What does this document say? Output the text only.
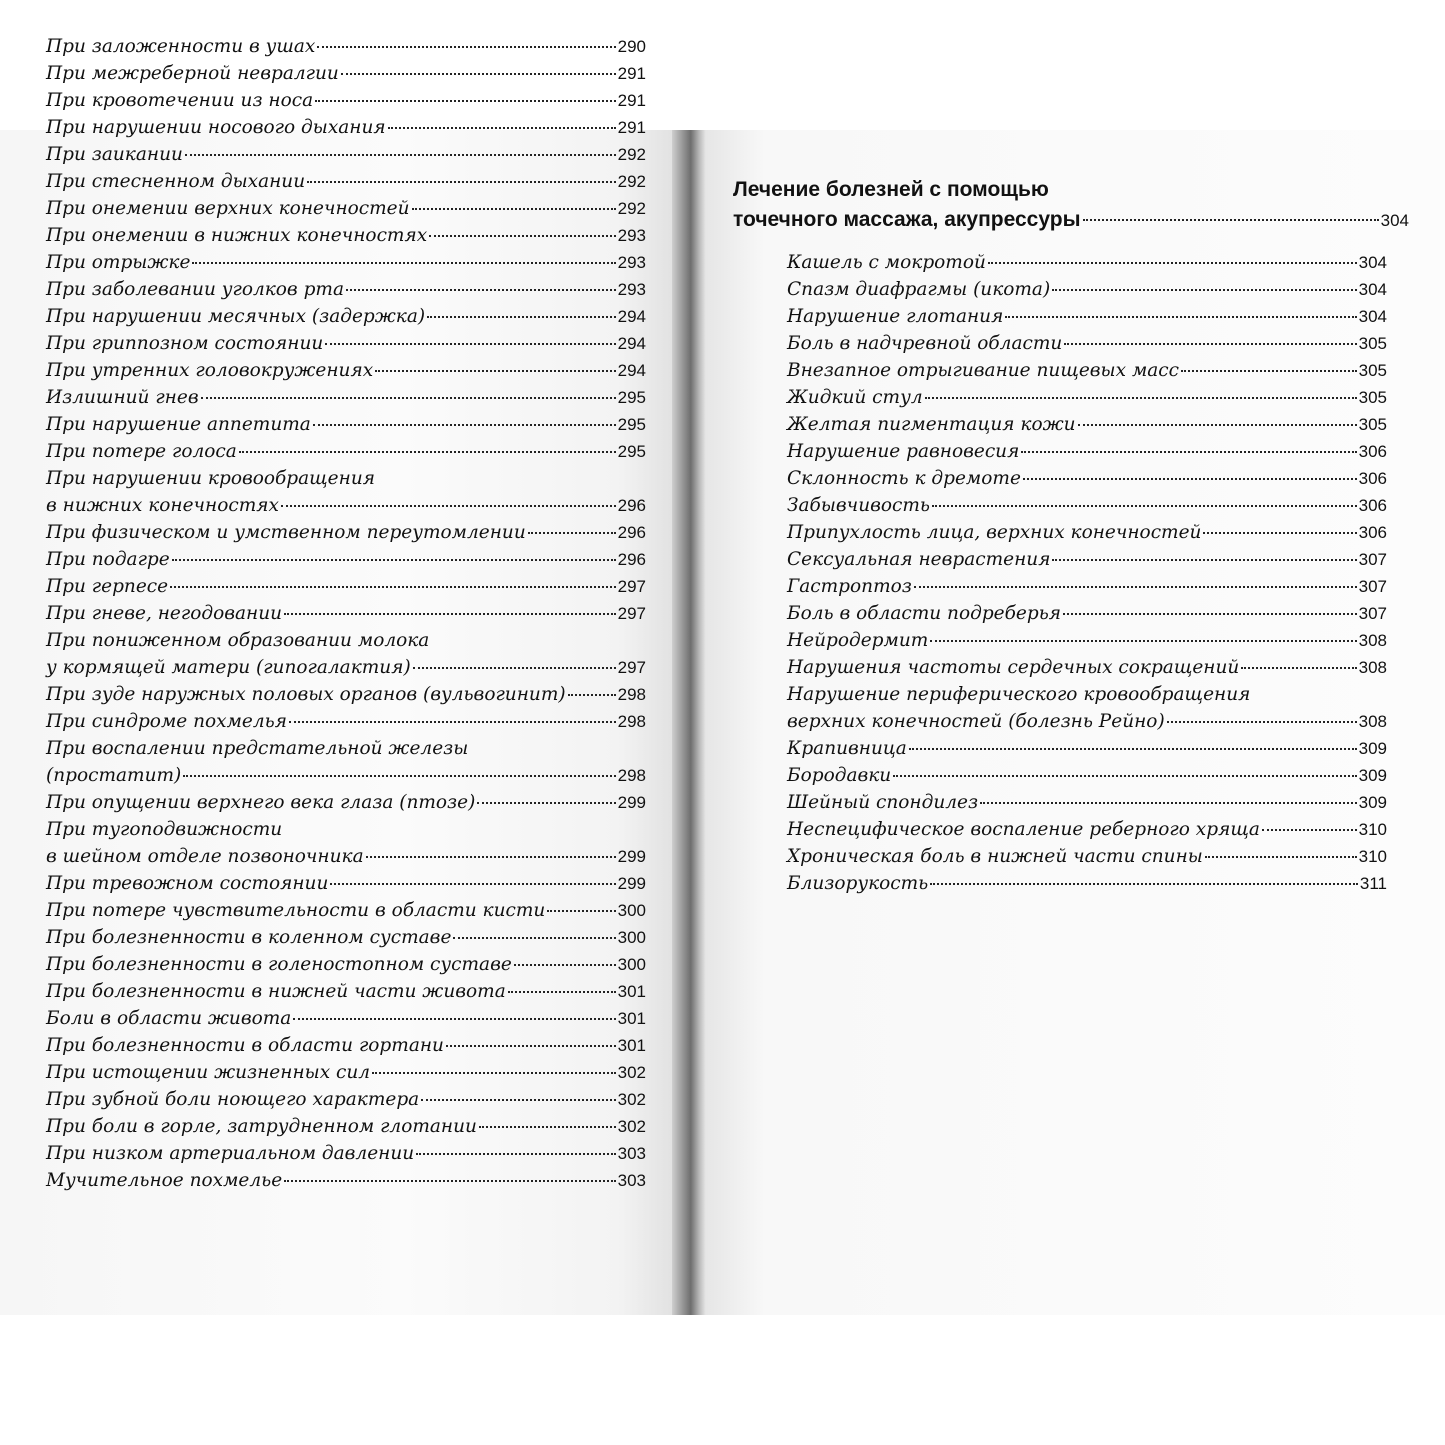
При заложенности в ушах	290
При межреберной невралгии	291
При кровотечении из носа	291
При нарушении носового дыхания	291
При заикании	292
При стесненном дыхании	292
При онемении верхних конечностей	292
При онемении в нижних конечностях	293
При отрыжке	293
При заболевании уголков рта	293
При нарушении месячных (задержка)	294
При гриппозном состоянии	294
При утренних головокружениях	294
Излишний гнев	295
При нарушение аппетита	295
При потере голоса	295
При нарушении кровообращения
в нижних конечностях	296
При физическом и умственном переутомлении	296
При подагре	296
При герпесе	297
При гневе, негодовании	297
При пониженном образовании молока
у кормящей матери (гипогалактия)	297
При зуде наружных половых органов (вульвогинит)	298
При синдроме похмелья	298
При воспалении предстательной железы
(простатит)	298
При опущении верхнего века глаза (птозе)	299
При тугоподвижности
в шейном отделе позвоночника	299
При тревожном состоянии	299
При потере чувствительности в области кисти	300
При болезненности в коленном суставе	300
При болезненности в голеностопном суставе	300
При болезненности в нижней части живота	301
Боли в области живота	301
При болезненности в области гортани	301
При истощении жизненных сил	302
При зубной боли ноющего характера	302
При боли в горле, затрудненном глотании	302
При низком артериальном давлении	303
Мучительное похмелье	303
Лечение болезней с помощью
точечного массажа, акупрессуры	304
Кашель с мокротой	304
Спазм диафрагмы (икота)	304
Нарушение глотания	304
Боль в надчревной области	305
Внезапное отрыгивание пищевых масс	305
Жидкий стул	305
Желтая пигментация кожи	305
Нарушение равновесия	306
Склонность к дремоте	306
Забывчивость	306
Припухлость лица, верхних конечностей	306
Сексуальная неврастения	307
Гастроптоз	307
Боль в области подреберья	307
Нейродермит	308
Нарушения частоты сердечных сокращений	308
Нарушение периферического кровообращения
верхних конечностей (болезнь Рейно)	308
Крапивница	309
Бородавки	309
Шейный спондилез	309
Неспецифическое воспаление реберного хряща	310
Хроническая боль в нижней части спины	310
Близорукость	311
